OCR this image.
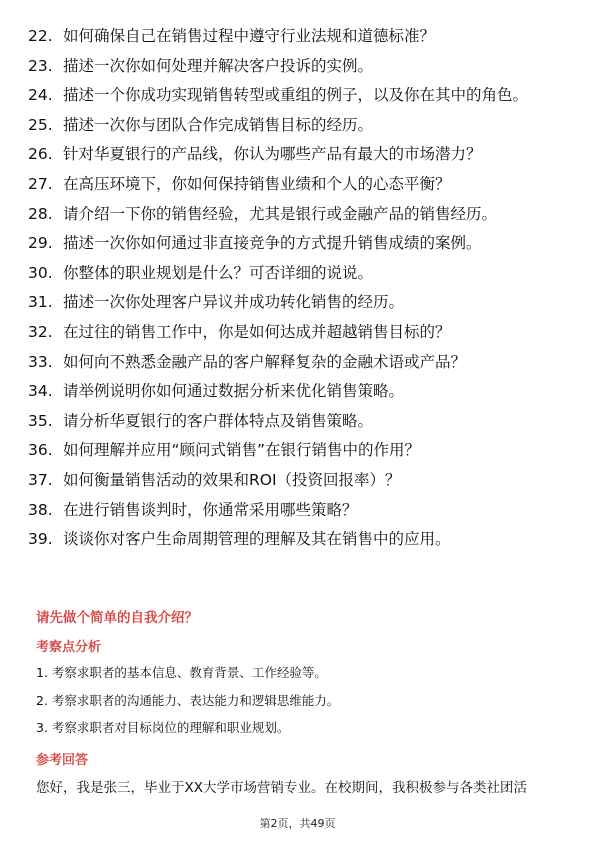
22. 如何确保自己在销售过程中遵守行业法规和道德标准？
23. 描述一次你如何处理并解决客户投诉的实例。
24. 描述一个你成功实现销售转型或重组的例子，以及你在其中的角色。
25. 描述一次你与团队合作完成销售目标的经历。
26. 针对华夏银行的产品线，你认为哪些产品有最大的市场潜力？
27. 在高压环境下，你如何保持销售业绩和个人的心态平衡？
28. 请介绍一下你的销售经验，尤其是银行或金融产品的销售经历。
29. 描述一次你如何通过非直接竞争的方式提升销售成绩的案例。
30. 你整体的职业规划是什么？可否详细的说说。
31. 描述一次你处理客户异议并成功转化销售的经历。
32. 在过往的销售工作中，你是如何达成并超越销售目标的？
33. 如何向不熟悉金融产品的客户解释复杂的金融术语或产品？
34. 请举例说明你如何通过数据分析来优化销售策略。
35. 请分析华夏银行的客户群体特点及销售策略。
36. 如何理解并应用“顾问式销售”在银行销售中的作用？
37. 如何衡量销售活动的效果和ROI（投资回报率）？
38. 在进行销售谈判时，你通常采用哪些策略？
39. 谈谈你对客户生命周期管理的理解及其在销售中的应用。
请先做个简单的自我介绍？
考察点分析
1. 考察求职者的基本信息、教育背景、工作经验等。
2. 考察求职者的沟通能力、表达能力和逻辑思维能力。
3. 考察求职者对目标岗位的理解和职业规划。
参考回答
您好，我是张三，毕业于XX大学市场营销专业。在校期间，我积极参与各类社团活
第2页，共49页
